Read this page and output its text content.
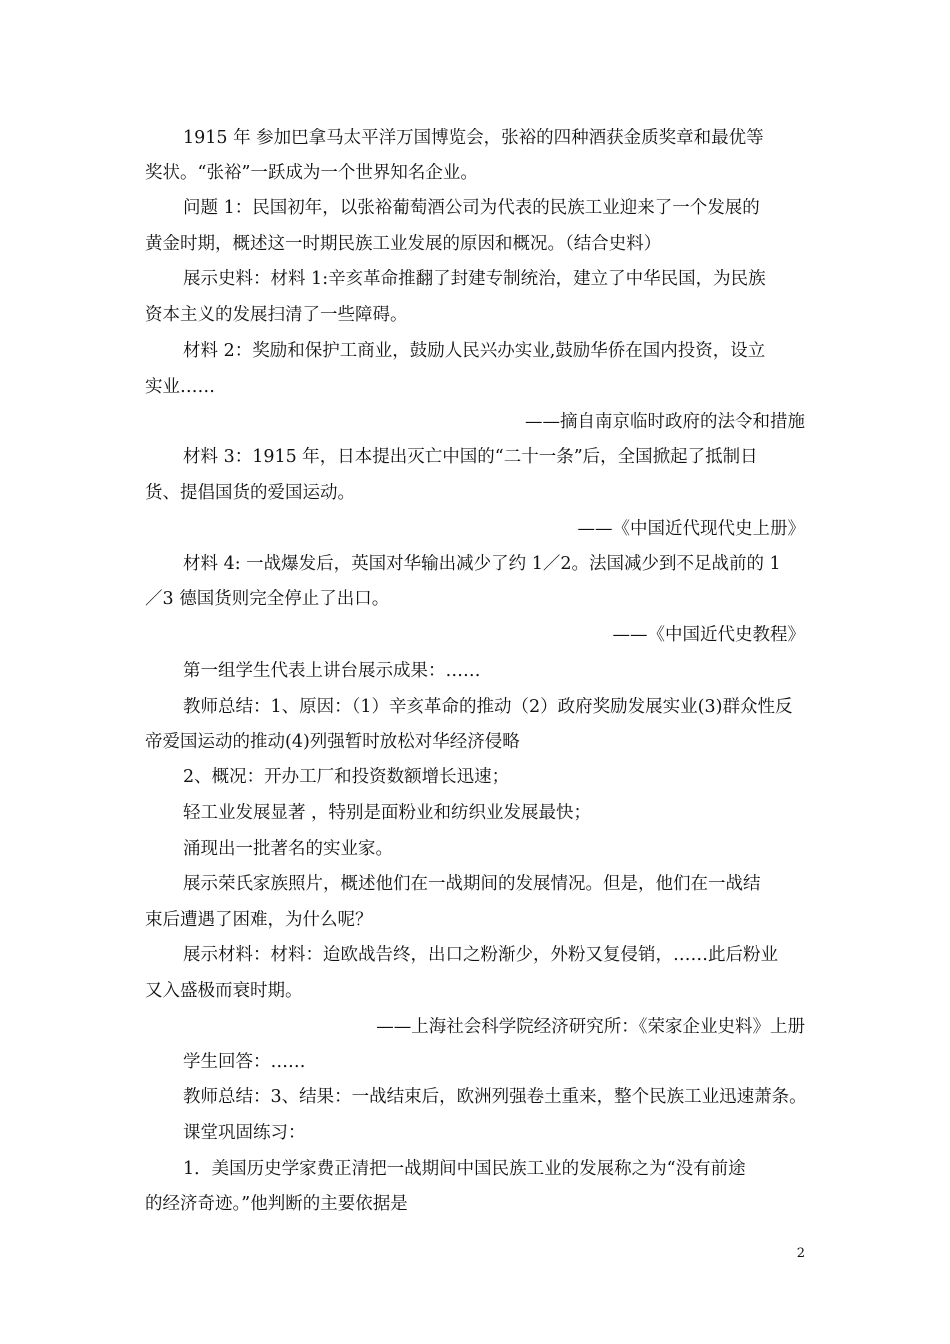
1915 年 参加巴拿马太平洋万国博览会，张裕的四种酒获金质奖章和最优等
奖状。“张裕”一跃成为一个世界知名企业。
问题 1：民国初年，以张裕葡萄酒公司为代表的民族工业迎来了一个发展的
黄金时期，概述这一时期民族工业发展的原因和概况。（结合史料）
展示史料：材料 1:辛亥革命推翻了封建专制统治，建立了中华民国，为民族
资本主义的发展扫清了一些障碍。
材料 2：奖励和保护工商业，鼓励人民兴办实业,鼓励华侨在国内投资，设立
实业……
——摘自南京临时政府的法令和措施
材料 3：1915 年，日本提出灭亡中国的“二十一条”后，全国掀起了抵制日
货、提倡国货的爱国运动。
——《中国近代现代史上册》
材料 4: 一战爆发后，英国对华输出减少了约 1／2。法国减少到不足战前的 1
／3 德国货则完全停止了出口。
——《中国近代史教程》
第一组学生代表上讲台展示成果：……
教师总结：1、原因：（1）辛亥革命的推动（2）政府奖励发展实业(3)群众性反
帝爱国运动的推动(4)列强暂时放松对华经济侵略
2、概况：开办工厂和投资数额增长迅速；
轻工业发展显著 ，特别是面粉业和纺织业发展最快；
涌现出一批著名的实业家。
展示荣氏家族照片，概述他们在一战期间的发展情况。但是，他们在一战结
束后遭遇了困难，为什么呢？
展示材料：材料：迨欧战告终，出口之粉渐少，外粉又复侵销，……此后粉业
又入盛极而衰时期。
——上海社会科学院经济研究所：《荣家企业史料》上册
学生回答：……
教师总结：3、结果：一战结束后，欧洲列强卷土重来，整个民族工业迅速萧条。
课堂巩固练习：
1．美国历史学家费正清把一战期间中国民族工业的发展称之为“没有前途
的经济奇迹。”他判断的主要依据是
2
